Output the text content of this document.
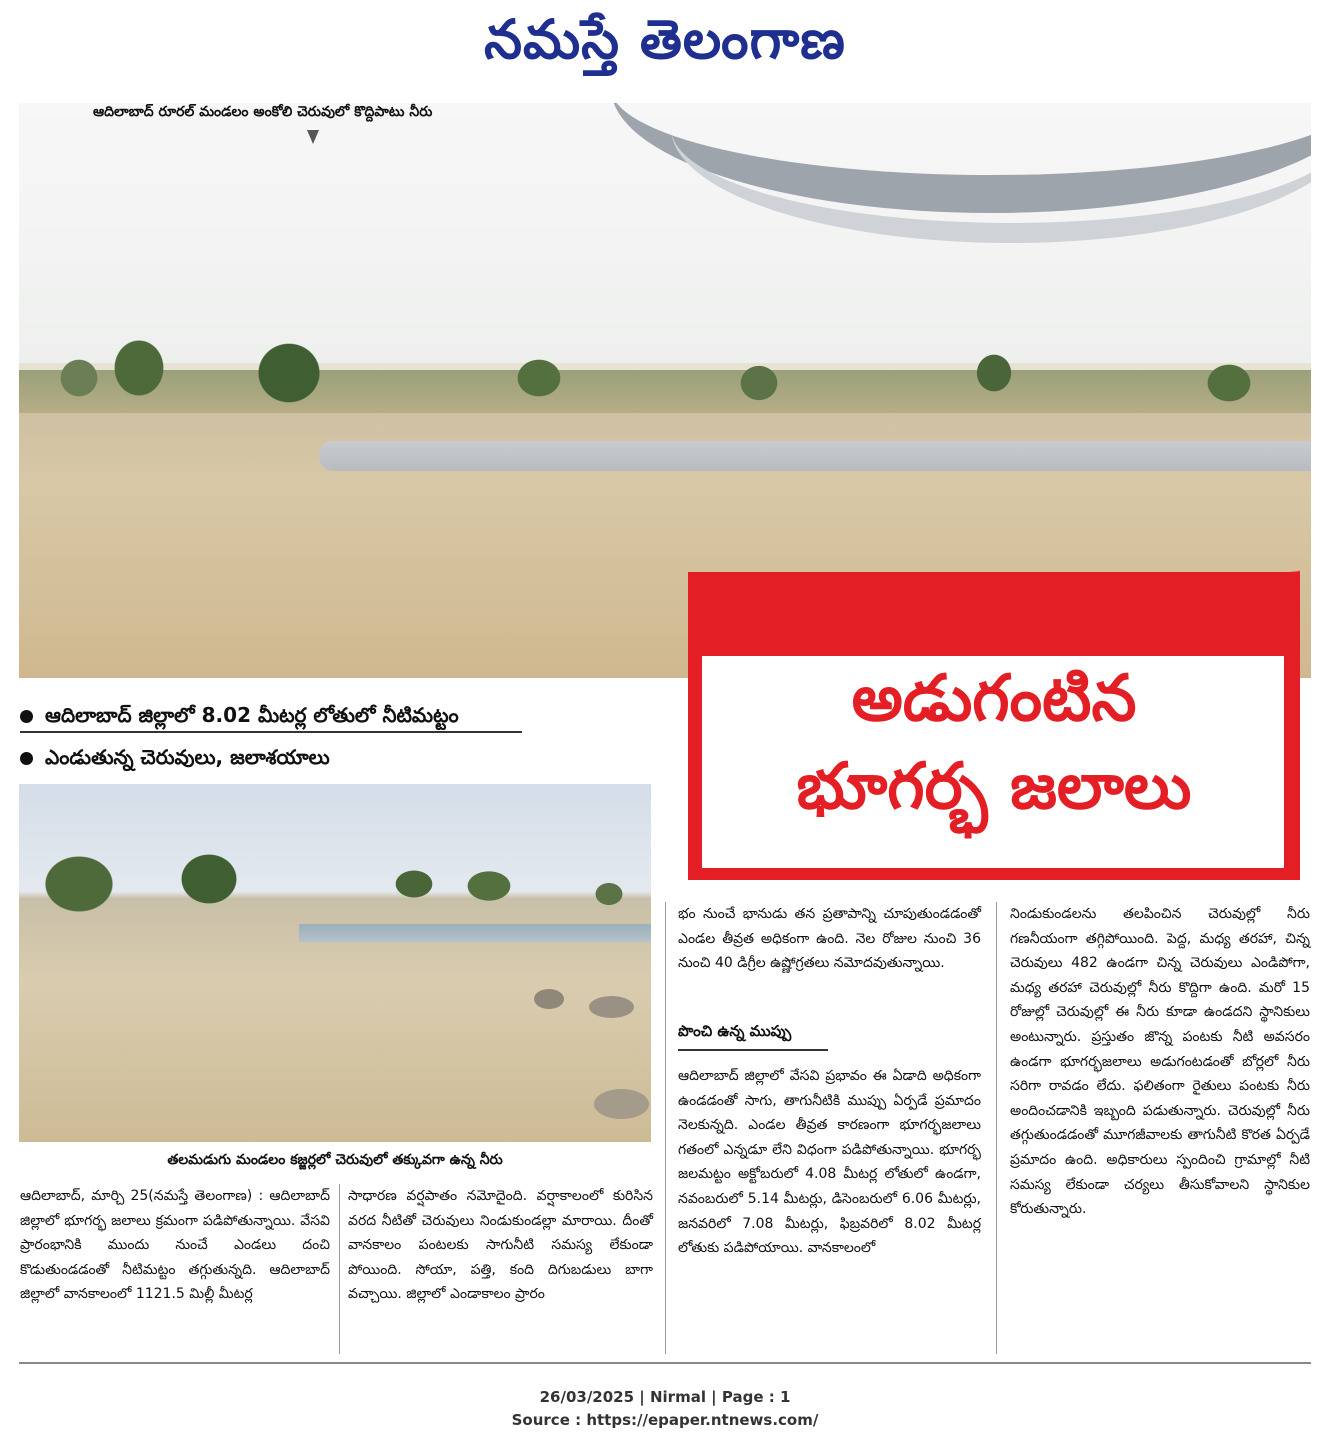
నమస్తే తెలంగాణ
ఆదిలాబాద్ రూరల్ మండలం అంకోలి చెరువులో కొద్దిపాటు నీరు
అడుగంటిన
భూగర్భ జలాలు
ఆదిలాబాద్ జిల్లాలో 8.02 మీటర్ల లోతులో నీటిమట్టం
ఎండుతున్న చెరువులు, జలాశయాలు
తలమడుగు మండలం కజ్జర్లలో చెరువులో తక్కువగా ఉన్న నీరు

ఆదిలాబాద్, మార్చి 25(నమస్తే తెలంగాణ) : ఆదిలాబాద్ జిల్లాలో భూగర్భ జలాలు క్రమంగా పడిపోతున్నాయి. వేసవి ప్రారంభానికి ముందు నుంచే ఎండలు దంచి కొడుతుండడంతో నీటిమట్టం తగ్గుతున్నది. ఆదిలాబాద్ జిల్లాలో వానకాలంలో 1121.5 మిల్లీ మీటర్ల

సాధారణ వర్షపాతం నమోదైంది. వర్షాకాలంలో కురిసిన వరద నీటితో చెరువులు నిండుకుండల్లా మారాయి. దీంతో వానకాలం పంటలకు సాగునీటి సమస్య లేకుండా పోయింది. సోయా, పత్తి, కంది దిగుబడులు బాగా వచ్చాయి. జిల్లాలో ఎండాకాలం ప్రారం

భం నుంచే భానుడు తన ప్రతాపాన్ని చూపుతుండడంతో ఎండల తీవ్రత అధికంగా ఉంది. నెల రోజుల నుంచి 36 నుంచి 40 డిగ్రీల ఉష్ణోగ్రతలు నమోదవుతున్నాయి.

పొంచి ఉన్న ముప్పు

ఆదిలాబాద్ జిల్లాలో వేసవి ప్రభావం ఈ ఏడాది అధికంగా ఉండడంతో సాగు, తాగునీటికి ముప్పు ఏర్పడే ప్రమాదం నెలకున్నది. ఎండల తీవ్రత కారణంగా భూగర్భజలాలు గతంలో ఎన్నడూ లేని విధంగా పడిపోతున్నాయి. భూగర్భ జలమట్టం అక్టోబరులో 4.08 మీటర్ల లోతులో ఉండగా, నవంబరులో 5.14 మీటర్లు, డిసెంబరులో 6.06 మీటర్లు, జనవరిలో 7.08 మీటర్లు, ఫిబ్రవరిలో 8.02 మీటర్ల లోతుకు పడిపోయాయి. వానకాలంలో

నిండుకుండలను తలపించిన చెరువుల్లో నీరు గణనీయంగా తగ్గిపోయింది. పెద్ద, మధ్య తరహా, చిన్న చెరువులు 482 ఉండగా చిన్న చెరువులు ఎండిపోగా, మధ్య తరహా చెరువుల్లో నీరు కొద్దిగా ఉంది. మరో 15 రోజుల్లో చెరువుల్లో ఈ నీరు కూడా ఉండదని స్థానికులు అంటున్నారు. ప్రస్తుతం జొన్న పంటకు నీటి అవసరం ఉండగా భూగర్భజలాలు అడుగంటడంతో బోర్లలో నీరు సరిగా రావడం లేదు. ఫలితంగా రైతులు పంటకు నీరు అందించడానికి ఇబ్బంది పడుతున్నారు. చెరువుల్లో నీరు తగ్గుతుండడంతో మూగజీవాలకు తాగునీటి కొరత ఏర్పడే ప్రమాదం ఉంది. అధికారులు స్పందించి గ్రామాల్లో నీటి సమస్య లేకుండా చర్యలు తీసుకోవాలని స్థానికుల కోరుతున్నారు.

26/03/2025 | Nirmal | Page : 1
Source : https://epaper.ntnews.com/
